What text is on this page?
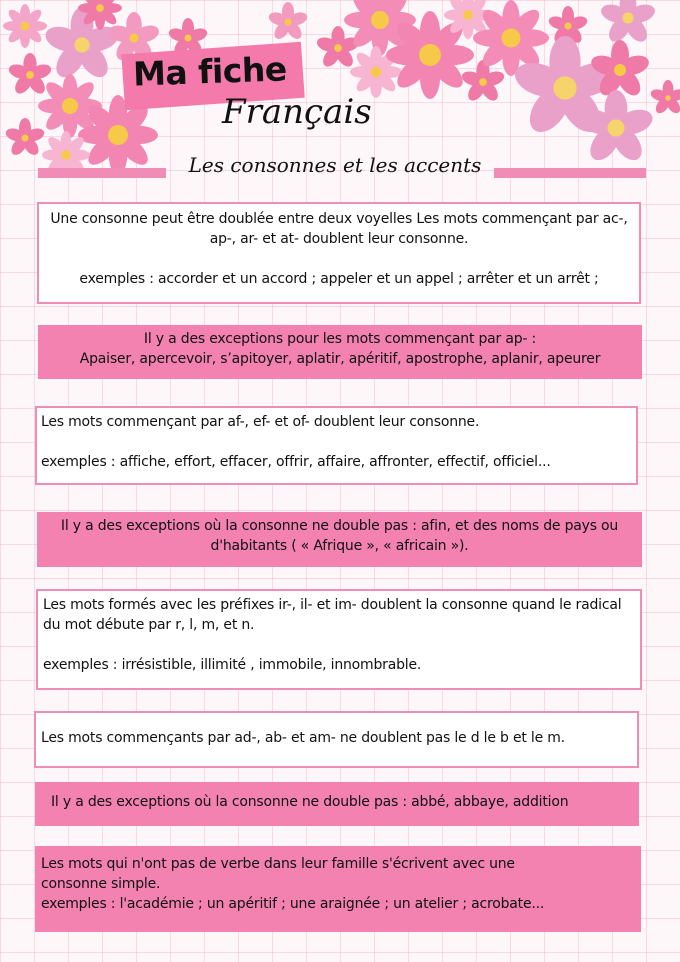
Ma fiche
Français
Les consonnes et les accents

Une consonne peut être doublée entre deux voyelles Les mots commençant par ac-, ap-, ar- et at- doublent leur consonne.

exemples : accorder et un accord ; appeler et un appel ; arrêter et un arrêt ;

Il y a des exceptions pour les mots commençant par ap- :

Apaiser, apercevoir, s’apitoyer, aplatir, apéritif, apostrophe, aplanir, apeurer

Les mots commençant par af-, ef- et of- doublent leur consonne.

exemples : affiche, effort, effacer, offrir, affaire, affronter, effectif, officiel...

Il y a des exceptions où la consonne ne double pas : afin, et des noms de pays ou d'habitants ( « Afrique », « africain »).

Les mots formés avec les préfixes ir-, il- et im- doublent la consonne quand le radical du mot débute par r, l, m, et n.

exemples : irrésistible, illimité , immobile, innombrable.

Les mots commençants par ad-, ab- et am- ne doublent pas le d le b et le m.

Il y a des exceptions où la consonne ne double pas : abbé, abbaye, addition

Les mots qui n'ont pas de verbe dans leur famille s'écrivent avec une

consonne simple.

exemples : l'académie ; un apéritif ; une araignée ; un atelier ; acrobate...
